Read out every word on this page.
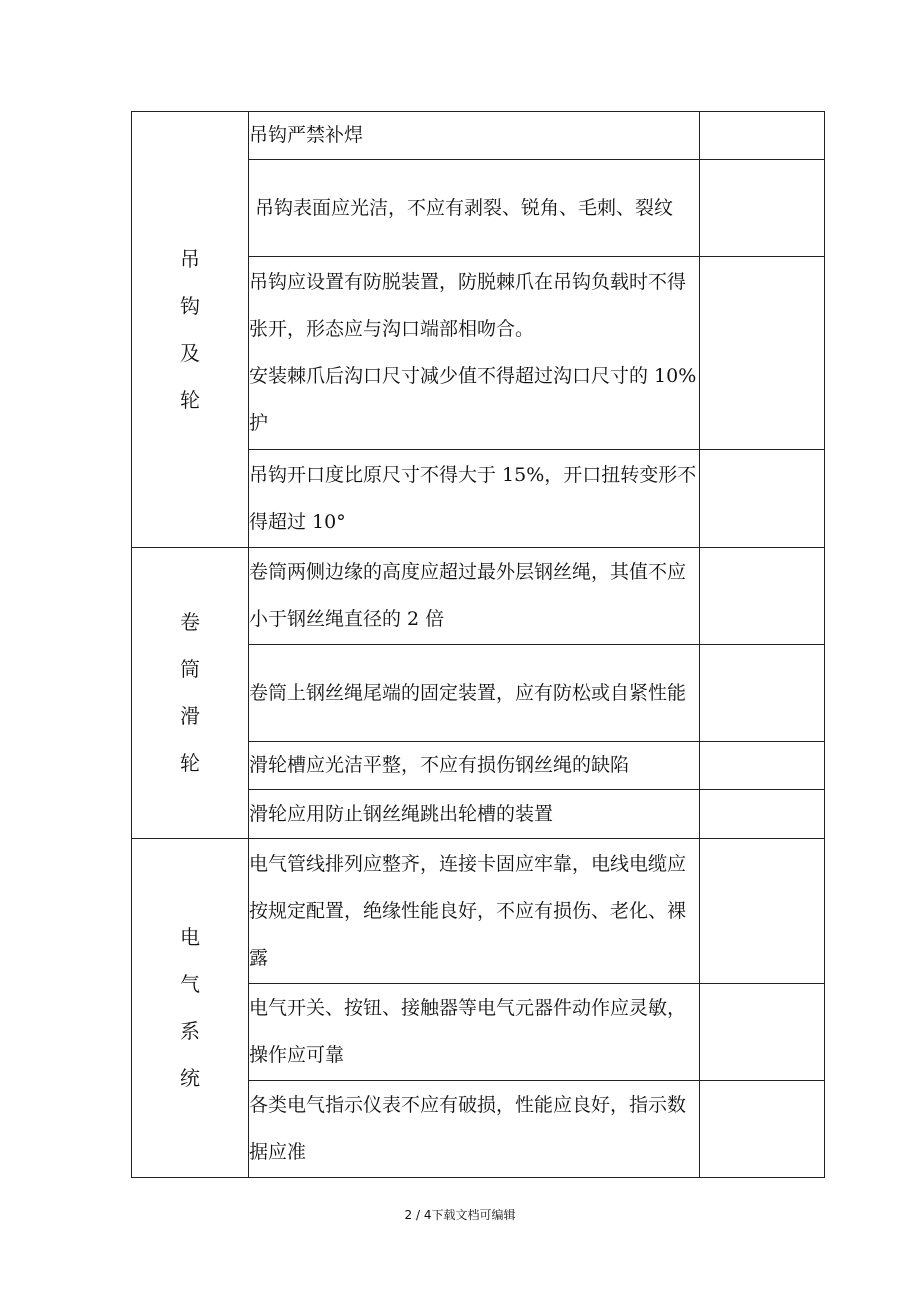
吊
钩
及
轮	吊钩严禁补焊	

	吊钩表面应光洁，不应有剥裂、锐角、毛刺、裂纹	

	吊钩应设置有防脱装置，防脱棘爪在吊钩负载时不得张开，形态应与沟口端部相吻合。

安装棘爪后沟口尺寸减少值不得超过沟口尺寸的 10%护	

	吊钩开口度比原尺寸不得大于 15%，开口扭转变形不得超过 10°	

卷
筒
滑
轮	卷筒两侧边缘的高度应超过最外层钢丝绳，其值不应小于钢丝绳直径的 2 倍	

	卷筒上钢丝绳尾端的固定装置，应有防松或自紧性能	

	滑轮槽应光洁平整，不应有损伤钢丝绳的缺陷	

	滑轮应用防止钢丝绳跳出轮槽的装置	

电
气
系
统	电气管线排列应整齐，连接卡固应牢靠，电线电缆应按规定配置，绝缘性能良好，不应有损伤、老化、裸露	

	电气开关、按钮、接触器等电气元器件动作应灵敏，操作应可靠	

	各类电气指示仪表不应有破损，性能应良好，指示数据应准	

2 / 4下载文档可编辑
